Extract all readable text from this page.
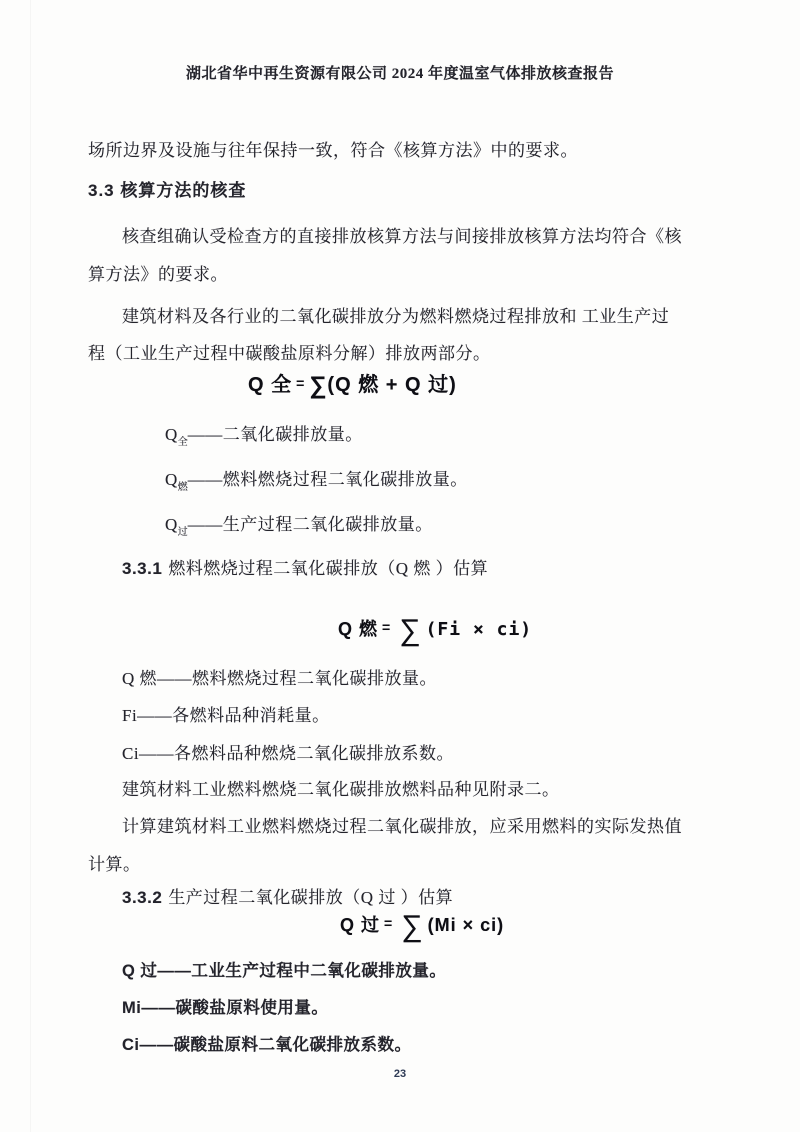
湖北省华中再生资源有限公司 2024 年度温室气体排放核查报告
场所边界及设施与往年保持一致，符合《核算方法》中的要求。
3.3 核算方法的核查
核查组确认受检查方的直接排放核算方法与间接排放核算方法均符合《核
算方法》的要求。
建筑材料及各行业的二氧化碳排放分为燃料燃烧过程排放和 工业生产过
程（工业生产过程中碳酸盐原料分解）排放两部分。
Q 全 = ∑(Q 燃 + Q 过)
$Q_全——$二氧化碳排放量。
$Q_燃——$燃料燃烧过程二氧化碳排放量。
$Q_过——$生产过程二氧化碳排放量。
3.3.1 燃料燃烧过程二氧化碳排放（Q 燃 ）估算
Q 燃 = ∑ (Fi × ci)
Q 燃——燃料燃烧过程二氧化碳排放量。
Fi——各燃料品种消耗量。
Ci——各燃料品种燃烧二氧化碳排放系数。
建筑材料工业燃料燃烧二氧化碳排放燃料品种见附录二。
计算建筑材料工业燃料燃烧过程二氧化碳排放，应采用燃料的实际发热值
计算。
3.3.2 生产过程二氧化碳排放（Q 过 ）估算
Q 过 = ∑ (Mi × ci)
Q 过——工业生产过程中二氧化碳排放量。
Mi——碳酸盐原料使用量。
Ci——碳酸盐原料二氧化碳排放系数。
23
